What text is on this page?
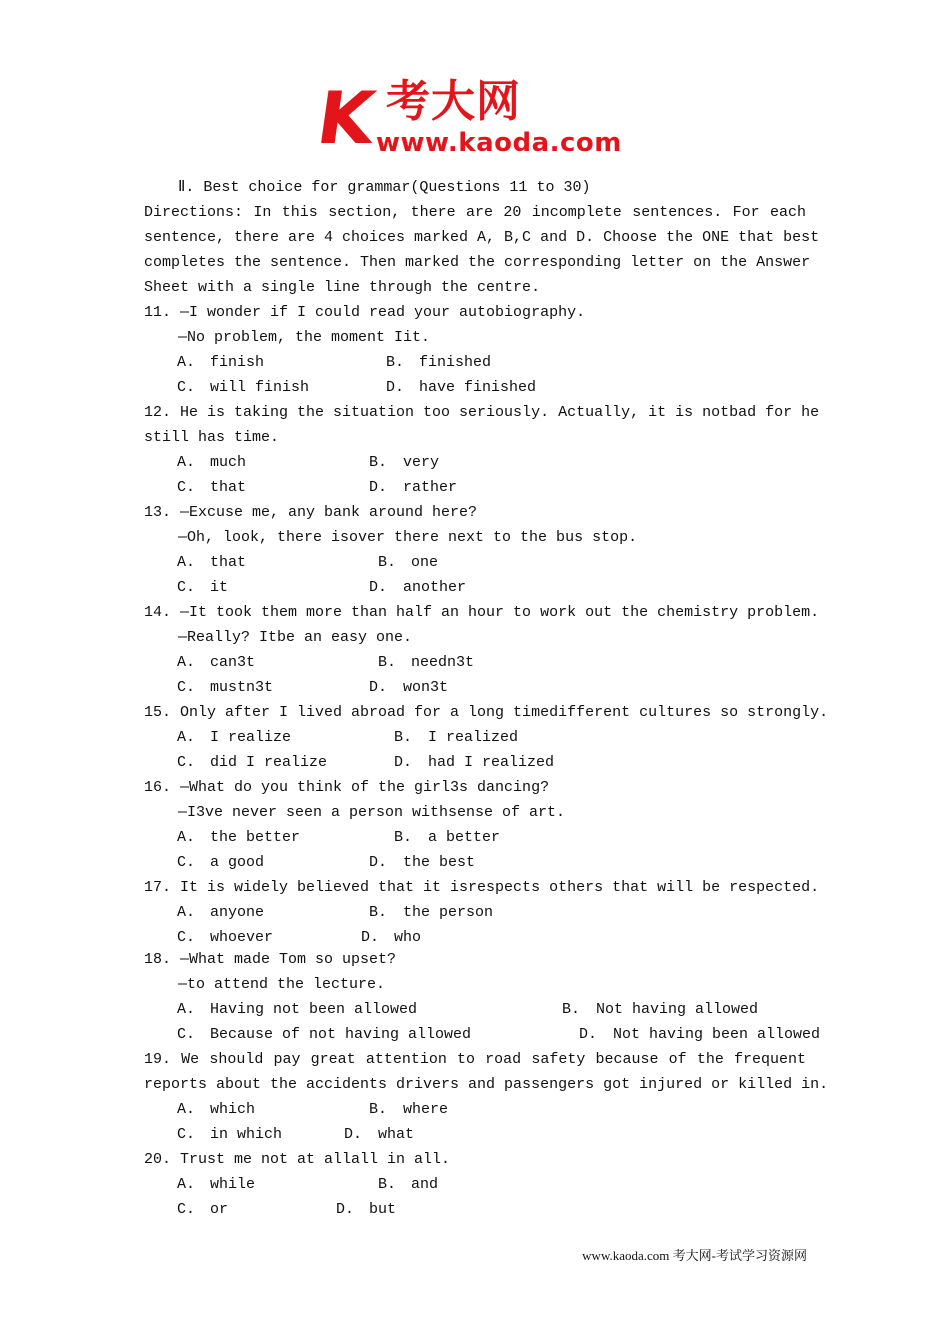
K 考大网
www.kaoda.com
Ⅱ. Best choice for grammar(Questions 11 to 30)
Directions: In this section, there are 20 incomplete sentences. For each
sentence, there are 4 choices marked A, B,C and D. Choose the ONE that best
completes the sentence. Then marked the corresponding letter on the Answer
Sheet with a single line through the centre.
11. —I wonder if I could read your autobiography.
—No problem, the moment Iit.
A. finish	B. finished
C. will finish	D. have finished
12. He is taking the situation too seriously. Actually, it is notbad for he
still has time.
A. much	B. very
C. that	D. rather
13. —Excuse me, any bank around here?
—Oh, look, there isover there next to the bus stop.
A. that	B. one
C. it	D. another
14. —It took them more than half an hour to work out the chemistry problem.
—Really? Itbe an easy one.
A. can3t	B. needn3t
C. mustn3t	D. won3t
15. Only after I lived abroad for a long timedifferent cultures so strongly.
A. I realize	B. I realized
C. did I realize	D. had I realized
16. —What do you think of the girl3s dancing?
—I3ve never seen a person withsense of art.
A. the better	B. a better
C. a good	D. the best
17. It is widely believed that it isrespects others that will be respected.
A. anyone	B. the person
C. whoever	D. who
18. —What made Tom so upset?
—to attend the lecture.
A. Having not been allowed	B. Not having allowed
C. Because of not having allowed	D. Not having been allowed
19. We should pay great attention to road safety because of the frequent
reports about the accidents drivers and passengers got injured or killed in.
A. which	B. where
C. in which	D. what
20. Trust me not at allall in all.
A. while	B. and
C. or	D. but
www.kaoda.com 考大网-考试学习资源网
